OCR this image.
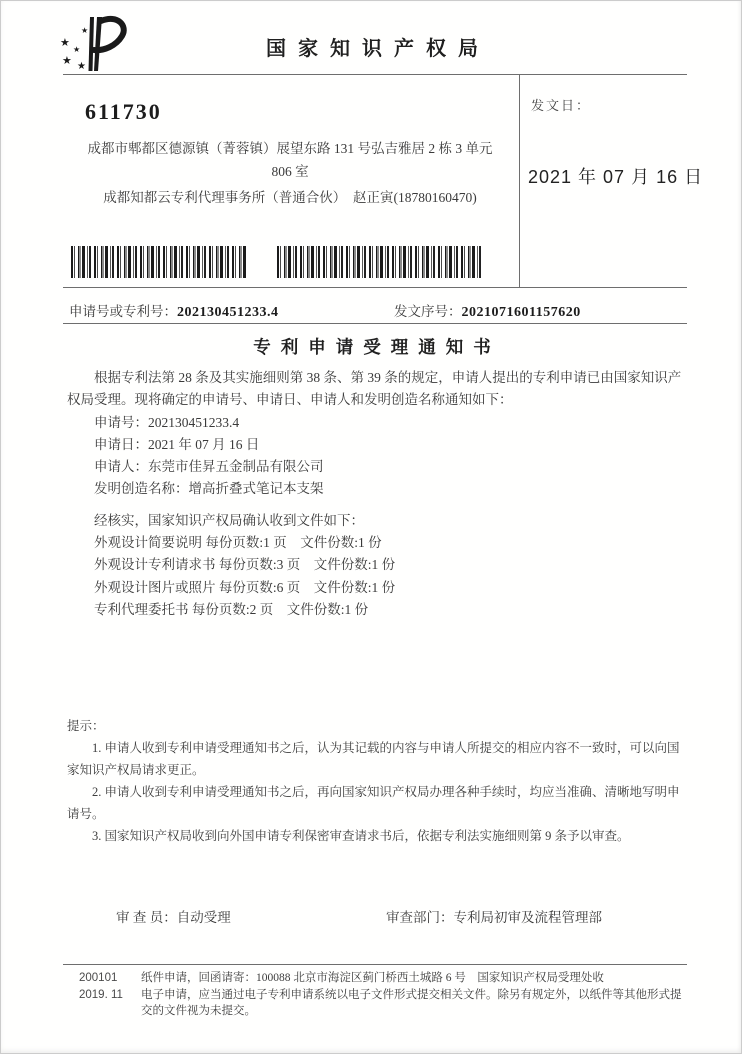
★
★
★
★ ★
国家知识产权局
611730
成都市郫都区德源镇（菁蓉镇）展望东路 131 号弘吉雅居 2 栋 3 单元
806 室
成都知都云专利代理事务所（普通合伙）　赵正寅(18780160470)
发文日：
2021 年 07 月 16 日
申请号或专利号：202130451233.4	发文序号：2021071601157620
专利申请受理通知书

根据专利法第 28 条及其实施细则第 38 条、第 39 条的规定，申请人提出的专利申请已由国家知识产权局受理。现将确定的申请号、申请日、申请人和发明创造名称通知如下：

申请号：202130451233.4

申请日：2021 年 07 月 16 日

申请人：东莞市佳昇五金制品有限公司

发明创造名称：增高折叠式笔记本支架

经核实，国家知识产权局确认收到文件如下：

外观设计简要说明 每份页数:1 页　文件份数:1 份

外观设计专利请求书 每份页数:3 页　文件份数:1 份

外观设计图片或照片 每份页数:6 页　文件份数:1 份

专利代理委托书 每份页数:2 页　文件份数:1 份

提示：
1. 申请人收到专利申请受理通知书之后，认为其记载的内容与申请人所提交的相应内容不一致时，可以向国家知识产权局请求更正。
2. 申请人收到专利申请受理通知书之后，再向国家知识产权局办理各种手续时，均应当准确、清晰地写明申请号。
3. 国家知识产权局收到向外国申请专利保密审查请求书后，依据专利法实施细则第 9 条予以审查。
审 查 员：自动受理	审查部门：专利局初审及流程管理部
200101
2019. 11
纸件申请，回函请寄：100088 北京市海淀区蓟门桥西土城路 6 号　国家知识产权局受理处收
电子申请，应当通过电子专利申请系统以电子文件形式提交相关文件。除另有规定外，以纸件等其他形式提交的文件视为未提交。
